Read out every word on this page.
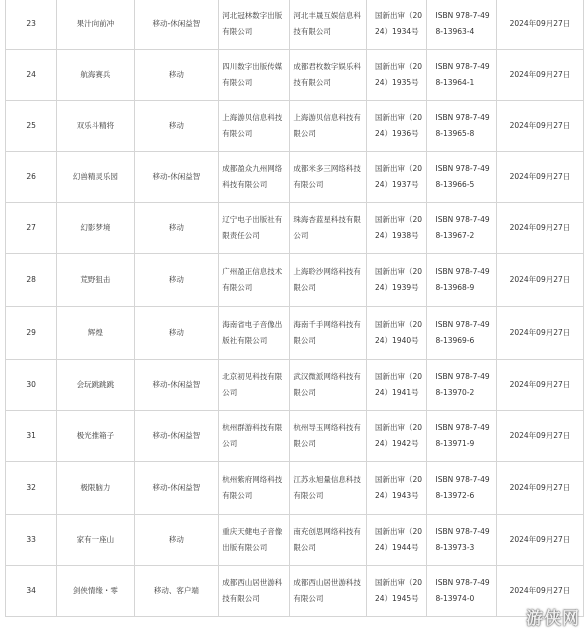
23	果汁向前冲	移动-休闲益智	河北冠林数字出版有限公司	河北丰晟互娱信息科技有限公司	国新出审（2024）1934号	ISBN 978-7-498-13963-4	2024年09月27日
24	航海赛兵	移动	四川数字出版传媒有限公司	成都君枚数字娱乐科技有限公司	国新出审（2024）1935号	ISBN 978-7-498-13964-1	2024年09月27日
25	双乐斗精将	移动	上海游贝信息科技有限公司	上海游贝信息科技有限公司	国新出审（2024）1936号	ISBN 978-7-498-13965-8	2024年09月27日
26	幻兽精灵乐园	移动-休闲益智	成都盈众九州网络科技有限公司	成都米多三网络科技有限公司	国新出审（2024）1937号	ISBN 978-7-498-13966-5	2024年09月27日
27	幻影梦境	移动	辽宁电子出版社有限责任公司	珠海杏蓝星科技有限公司	国新出审（2024）1938号	ISBN 978-7-498-13967-2	2024年09月27日
28	荒野狙击	移动	广州盈正信息技术有限公司	上海聆沙网络科技有限公司	国新出审（2024）1939号	ISBN 978-7-498-13968-9	2024年09月27日
29	辉煌	移动	海南省电子音像出版社有限公司	海南千手网络科技有限公司	国新出审（2024）1940号	ISBN 978-7-498-13969-6	2024年09月27日
30	会玩跳跳跳	移动-休闲益智	北京初见科技有限公司	武汉微派网络科技有限公司	国新出审（2024）1941号	ISBN 978-7-498-13970-2	2024年09月27日
31	极光推箱子	移动-休闲益智	杭州群游科技有限公司	杭州导玉网络科技有限公司	国新出审（2024）1942号	ISBN 978-7-498-13971-9	2024年09月27日
32	极限脑力	移动-休闲益智	杭州紫府网络科技有限公司	江苏永旭量信息科技有限公司	国新出审（2024）1943号	ISBN 978-7-498-13972-6	2024年09月27日
33	家有一座山	移动	重庆天健电子音像出版有限公司	南充创思网络科技有限公司	国新出审（2024）1944号	ISBN 978-7-498-13973-3	2024年09月27日
34	剑侠情缘・零	移动、客户端	成都西山居世游科技有限公司	成都西山居世游科技有限公司	国新出审（2024）1945号	ISBN 978-7-498-13974-0	2024年09月27日
游侠网
